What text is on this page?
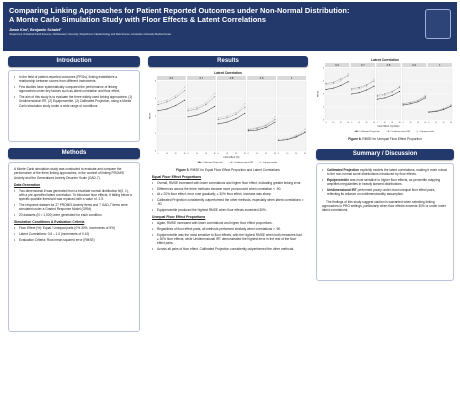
Comparing Linking Approaches for Patient Reported Outcomes under Non-Normal Distribution:
A Monte Carlo Simulation Study with Floor Effects & Latent Correlations
Jiwon Kim¹, Benjamin Schalet²
¹Department of Medical Social Sciences, Northwestern University; ²Department of Epidemiology and Data Science, Amsterdam University Medical Center
Introduction
• In the field of patient-reported outcomes (PROs), linking establishes a relationship between scores from different instruments.
• Few studies have systematically compared the performance of linking approaches under key factors such as latent correlation and floor effect.
• The aim of this study is to evaluate the three widely used linking approaches: (1) Unidimensional IRT, (2) Equipercentile, (3) Calibrated Projection, using a Monte Carlo simulation study under a wide range of conditions.
Methods
A Monte Carlo simulation study was conducted to evaluate and compare the performance of the three linking approaches, in the context of linking PROMIS Anxiety and the Generalized Anxiety Disorder Scale (GAD-7).
Data Generation
• Two-dimensional θ was generated from a bivariate normal distribution N(0, 1), with a pre-specified latent correlation. To introduce floor effects, θ falling below a specific quantile threshold was replaced with a value of -1.5.
• The response dataset for 27 PROMIS Anxiety items and 7 GAD-7 items were simulated under a Graded Response Model (GRM).
• 20 datasets (N = 1,000) were generated for each condition.
Simulation Conditions & Evaluation Criteria
• Floor Effect (%): Equal / Unequal parts (0%-30%, increments of 5%)
• Latent Correlations: 0.6 – 1.0 (increments of 0.10)
• Evaluation Criteria: Root mean squared error (RMSE)
Results
Latent Correlation
0.6
0	10	20	30
0.7
0	10	20	30
0.8
0	10	20	30
0.9
0	10	20	30
1
0	10	20	30
0
2
4
6
8
RMSE
Floor Effect (%)
Calibrated Projection	Unidimensional IRT	Equipercentile
Figure 5. RMSE for Equal Floor Effect Proportion and Latent Correlations
Equal Floor Effect Proportions
• Overall, RMSE increased with lower correlations and higher floor effect, indicating greater linking error.
• Differences across the three methods became more pronounced when correlation < .90.
• At ≥ 20% floor effect, error rose gradually; ≥ 30% floor effect, increase was sharp.
• Calibrated Projection consistently outperformed the other methods, especially when latent correlations < .90.
• Equipercentile produced the highest RMSE when floor effects exceeded 30%.
Unequal Floor Effect Proportions
• Again, RMSE increased with lower correlations and higher floor effect proportions.
• Regardless of floor effect parts, all methods performed similarly when correlations > .90.
• Equipercentile was the most sensitive to floor effects, with the highest RMSE when both measures had ≥ 30% floor effects, while Unidimensional IRT demonstrated the highest error in the rest of the floor effect pairs.
• Across all pairs of floor effect, Calibrated Projection consistently outperformed the other methods.
Latent Correlation
0.6
0	10	20	30
0.7
0	10	20	30
0.8
0	10	20	30
0.9
0	10	20	30
1
0	10	20	30
0
2
4
6
8
RMSE
Floor Effect (%) Pairs
Calibrated Projection	Unidimensional IRT	Equipercentile
Figure 6. RMSE for Unequal Floor Effect Proportion
Summary / Discussion
• Calibrated Projection explicitly models the latent correlations, making it more robust to the non-normal score distributions introduced by floor effects.
• Equipercentile was most sensitive to higher floor effects, as percentile mapping amplifies irregularities in heavily skewed distributions.
• Unidimensional IRT performed poorly under most unequal floor effect pairs, reflecting its reliance on unidimensionality assumption.
The findings of this study suggest caution is warranted when selecting linking approaches in PRO settings, particularly when floor effects exceeds 30% or under lower latent correlations.
